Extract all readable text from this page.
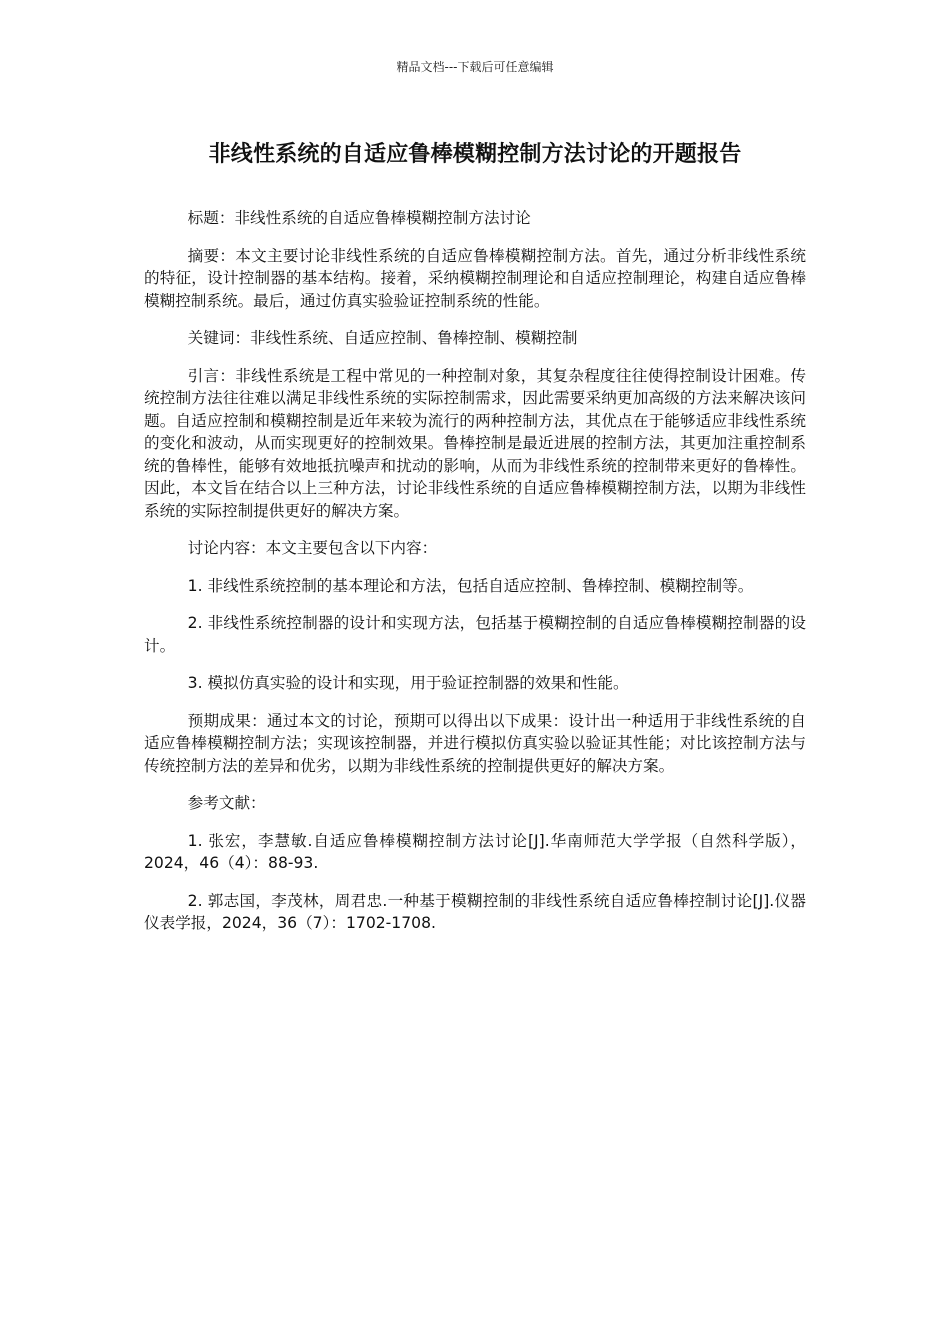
精品文档---下载后可任意编辑
非线性系统的自适应鲁棒模糊控制方法讨论的开题报告

标题：非线性系统的自适应鲁棒模糊控制方法讨论

摘要：本文主要讨论非线性系统的自适应鲁棒模糊控制方法。首先，通过分析非线性系统的特征，设计控制器的基本结构。接着，采纳模糊控制理论和自适应控制理论，构建自适应鲁棒模糊控制系统。最后，通过仿真实验验证控制系统的性能。

关键词：非线性系统、自适应控制、鲁棒控制、模糊控制

引言：非线性系统是工程中常见的一种控制对象，其复杂程度往往使得控制设计困难。传统控制方法往往难以满足非线性系统的实际控制需求，因此需要采纳更加高级的方法来解决该问题。自适应控制和模糊控制是近年来较为流行的两种控制方法，其优点在于能够适应非线性系统的变化和波动，从而实现更好的控制效果。鲁棒控制是最近进展的控制方法，其更加注重控制系统的鲁棒性，能够有效地抵抗噪声和扰动的影响，从而为非线性系统的控制带来更好的鲁棒性。因此，本文旨在结合以上三种方法，讨论非线性系统的自适应鲁棒模糊控制方法，以期为非线性系统的实际控制提供更好的解决方案。

讨论内容：本文主要包含以下内容：

1. 非线性系统控制的基本理论和方法，包括自适应控制、鲁棒控制、模糊控制等。

2. 非线性系统控制器的设计和实现方法，包括基于模糊控制的自适应鲁棒模糊控制器的设计。

3. 模拟仿真实验的设计和实现，用于验证控制器的效果和性能。

预期成果：通过本文的讨论，预期可以得出以下成果：设计出一种适用于非线性系统的自适应鲁棒模糊控制方法；实现该控制器，并进行模拟仿真实验以验证其性能；对比该控制方法与传统控制方法的差异和优劣，以期为非线性系统的控制提供更好的解决方案。

参考文献：

1. 张宏，李慧敏.自适应鲁棒模糊控制方法讨论[J].华南师范大学学报（自然科学版），2024，46（4）：88-93.

2. 郭志国，李茂林，周君忠.一种基于模糊控制的非线性系统自适应鲁棒控制讨论[J].仪器仪表学报，2024，36（7）：1702-1708.
